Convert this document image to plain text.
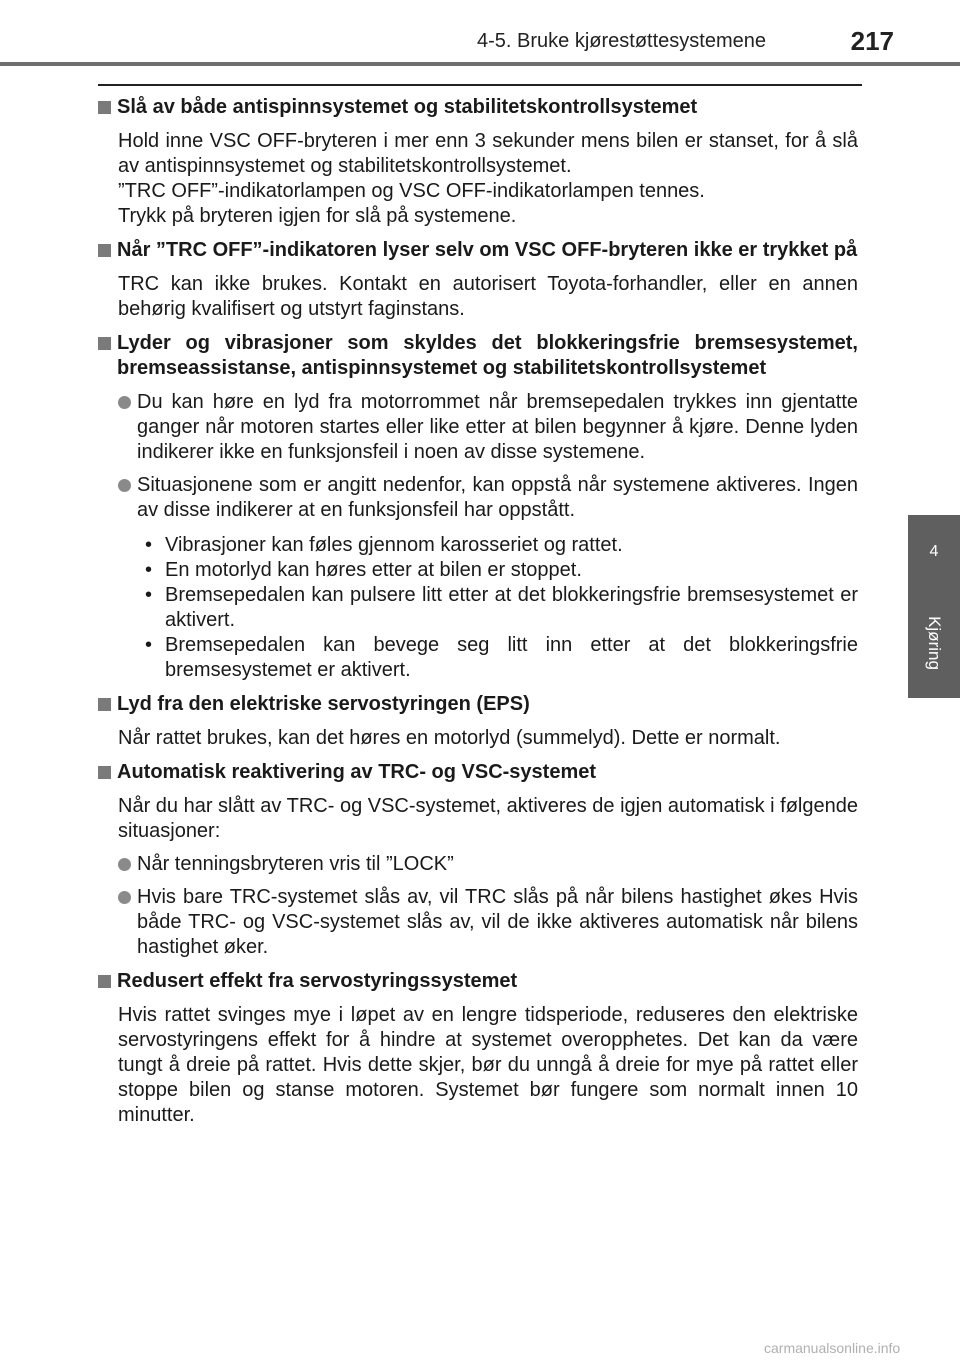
4-5. Bruke kjørestøttesystemene	217
4
Kjøring
Slå av både antispinnsystemet og stabilitetskontrollsystemet
Hold inne VSC OFF-bryteren i mer enn 3 sekunder mens bilen er stanset, for å slå av antispinnsystemet og stabilitetskontrollsystemet.
”TRC OFF”-indikatorlampen og VSC OFF-indikatorlampen tennes.
Trykk på bryteren igjen for slå på systemene.
Når ”TRC OFF”-indikatoren lyser selv om VSC OFF-bryteren ikke er trykket på
TRC kan ikke brukes. Kontakt en autorisert Toyota-forhandler, eller en annen behørig kvalifisert og utstyrt faginstans.
Lyder og vibrasjoner som skyldes det blokkeringsfrie bremsesystemet, bremseassistanse, antispinnsystemet og stabilitetskontrollsystemet
Du kan høre en lyd fra motorrommet når bremsepedalen trykkes inn gjentatte ganger når motoren startes eller like etter at bilen begynner å kjøre. Denne lyden indikerer ikke en funksjonsfeil i noen av disse systemene.
Situasjonene som er angitt nedenfor, kan oppstå når systemene aktiveres. Ingen av disse indikerer at en funksjonsfeil har oppstått.
• Vibrasjoner kan føles gjennom karosseriet og rattet.
• En motorlyd kan høres etter at bilen er stoppet.
• Bremsepedalen kan pulsere litt etter at det blokkeringsfrie bremsesystemet er aktivert.
• Bremsepedalen kan bevege seg litt inn etter at det blokkeringsfrie bremsesystemet er aktivert.
Lyd fra den elektriske servostyringen (EPS)
Når rattet brukes, kan det høres en motorlyd (summelyd). Dette er normalt.
Automatisk reaktivering av TRC- og VSC-systemet
Når du har slått av TRC- og VSC-systemet, aktiveres de igjen automatisk i følgende situasjoner:
Når tenningsbryteren vris til ”LOCK”
Hvis bare TRC-systemet slås av, vil TRC slås på når bilens hastighet økes Hvis både TRC- og VSC-systemet slås av, vil de ikke aktiveres automatisk når bilens hastighet øker.
Redusert effekt fra servostyringssystemet
Hvis rattet svinges mye i løpet av en lengre tidsperiode, reduseres den elektriske servostyringens effekt for å hindre at systemet overopphetes. Det kan da være tungt å dreie på rattet. Hvis dette skjer, bør du unngå å dreie for mye på rattet eller stoppe bilen og stanse motoren. Systemet bør fungere som normalt innen 10 minutter.
carmanualsonline.info
